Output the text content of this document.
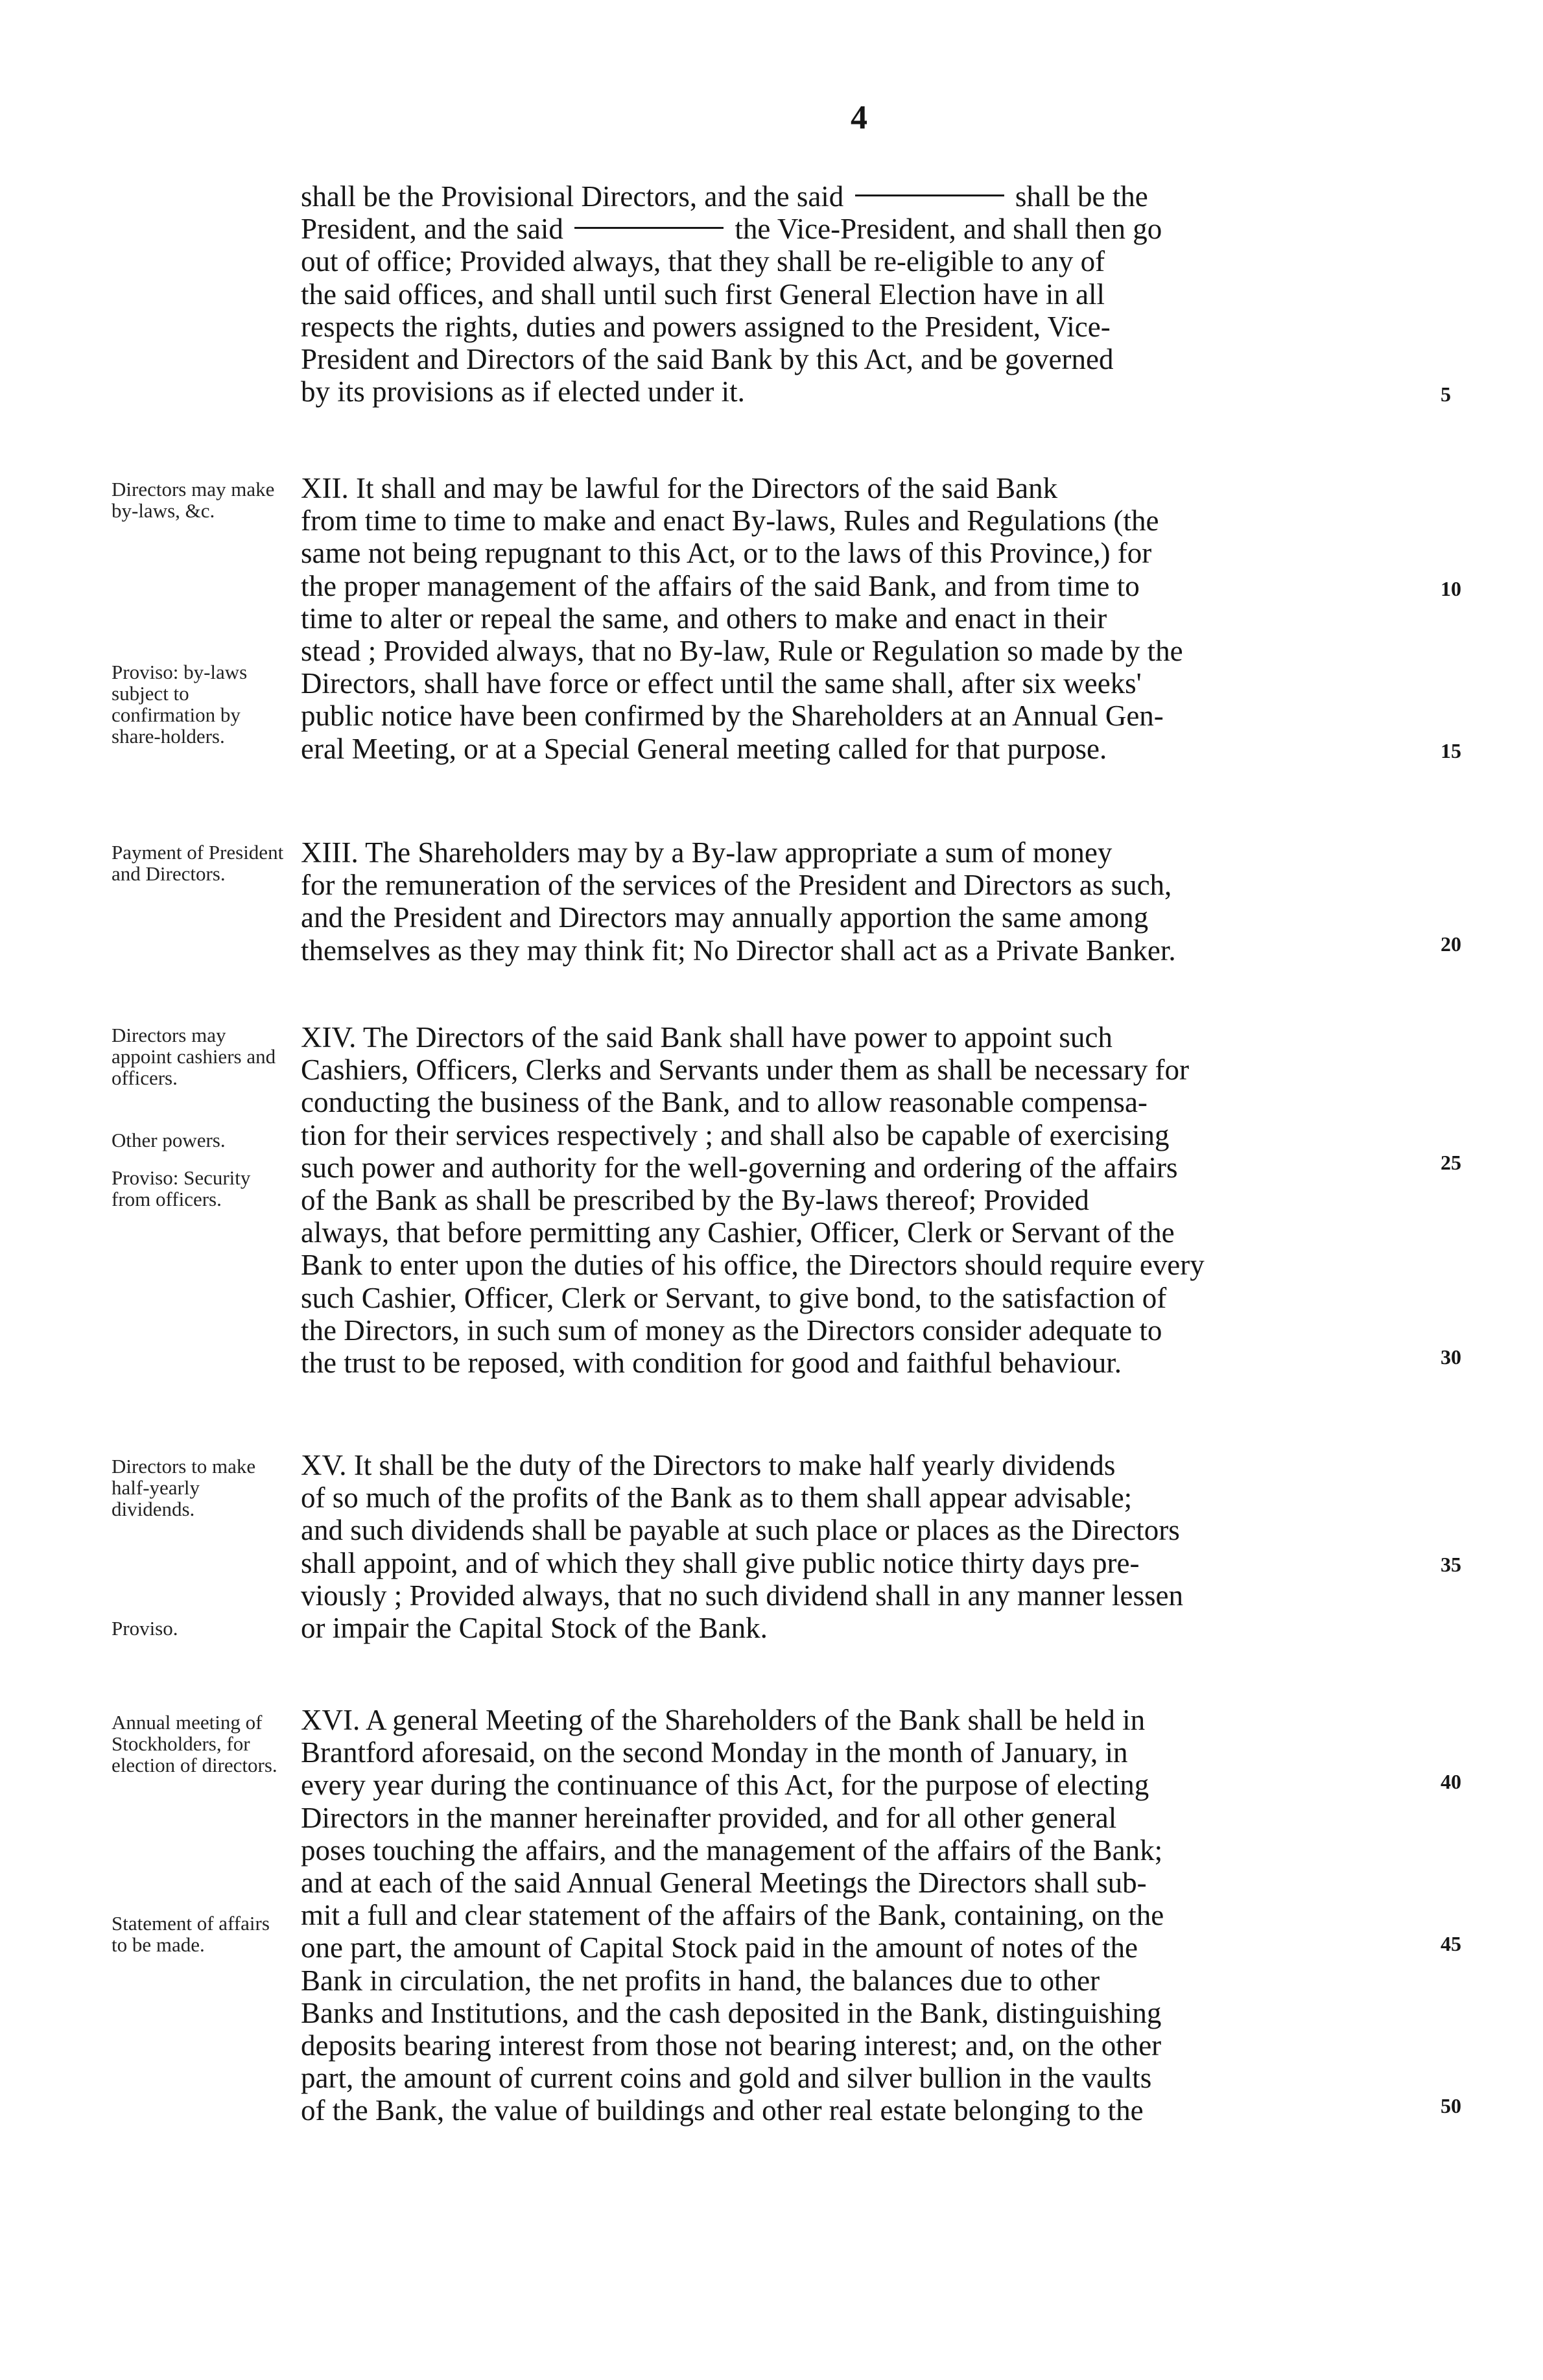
4
shall be the Provisional Directors, and the said	shall be the
President, and the said	the Vice-President, and shall then go
out of office; Provided always, that they shall be re-eligible to any of
the said offices, and shall until such first General Election have in all
respects the rights, duties and powers assigned to the President, Vice-
President and Directors of the said Bank by this Act, and be governed
by its provisions as if elected under it.
XII. It shall and may be lawful for the Directors of the said Bank
from time to time to make and enact By-laws, Rules and Regulations (the
same not being repugnant to this Act, or to the laws of this Province,) for
the proper management of the affairs of the said Bank, and from time to
time to alter or repeal the same, and others to make and enact in their
stead ; Provided always, that no By-law, Rule or Regulation so made by the
Directors, shall have force or effect until the same shall, after six weeks'
public notice have been confirmed by the Shareholders at an Annual Gen-
eral Meeting, or at a Special General meeting called for that purpose.
XIII. The Shareholders may by a By-law appropriate a sum of money
for the remuneration of the services of the President and Directors as such,
and the President and Directors may annually apportion the same among
themselves as they may think fit; No Director shall act as a Private Banker.
XIV. The Directors of the said Bank shall have power to appoint such
Cashiers, Officers, Clerks and Servants under them as shall be necessary for
conducting the business of the Bank, and to allow reasonable compensa-
tion for their services respectively ; and shall also be capable of exercising
such power and authority for the well-governing and ordering of the affairs
of the Bank as shall be prescribed by the By-laws thereof; Provided
always, that before permitting any Cashier, Officer, Clerk or Servant of the
Bank to enter upon the duties of his office, the Directors should require every
such Cashier, Officer, Clerk or Servant, to give bond, to the satisfaction of
the Directors, in such sum of money as the Directors consider adequate to
the trust to be reposed, with condition for good and faithful behaviour.
XV. It shall be the duty of the Directors to make half yearly dividends
of so much of the profits of the Bank as to them shall appear advisable;
and such dividends shall be payable at such place or places as the Directors
shall appoint, and of which they shall give public notice thirty days pre-
viously ; Provided always, that no such dividend shall in any manner lessen
or impair the Capital Stock of the Bank.
XVI. A general Meeting of the Shareholders of the Bank shall be held in
Brantford aforesaid, on the second Monday in the month of January, in
every year during the continuance of this Act, for the purpose of electing
Directors in the manner hereinafter provided, and for all other general
poses touching the affairs, and the management of the affairs of the Bank;
and at each of the said Annual General Meetings the Directors shall sub-
mit a full and clear statement of the affairs of the Bank, containing, on the
one part, the amount of Capital Stock paid in the amount of notes of the
Bank in circulation, the net profits in hand, the balances due to other
Banks and Institutions, and the cash deposited in the Bank, distinguishing
deposits bearing interest from those not bearing interest; and, on the other
part, the amount of current coins and gold and silver bullion in the vaults
of the Bank, the value of buildings and other real estate belonging to the
Directors may make by-laws, &c.
Proviso: by-laws subject to confirmation by share-holders.
Payment of President and Directors.
Directors may appoint cashiers and officers.
Other powers.
Proviso: Security from officers.
Directors to make half-yearly dividends.
Proviso.
Annual meeting of Stockholders, for election of directors.
Statement of affairs to be made.
5
10
15
20
25
30
35
40
45
50
